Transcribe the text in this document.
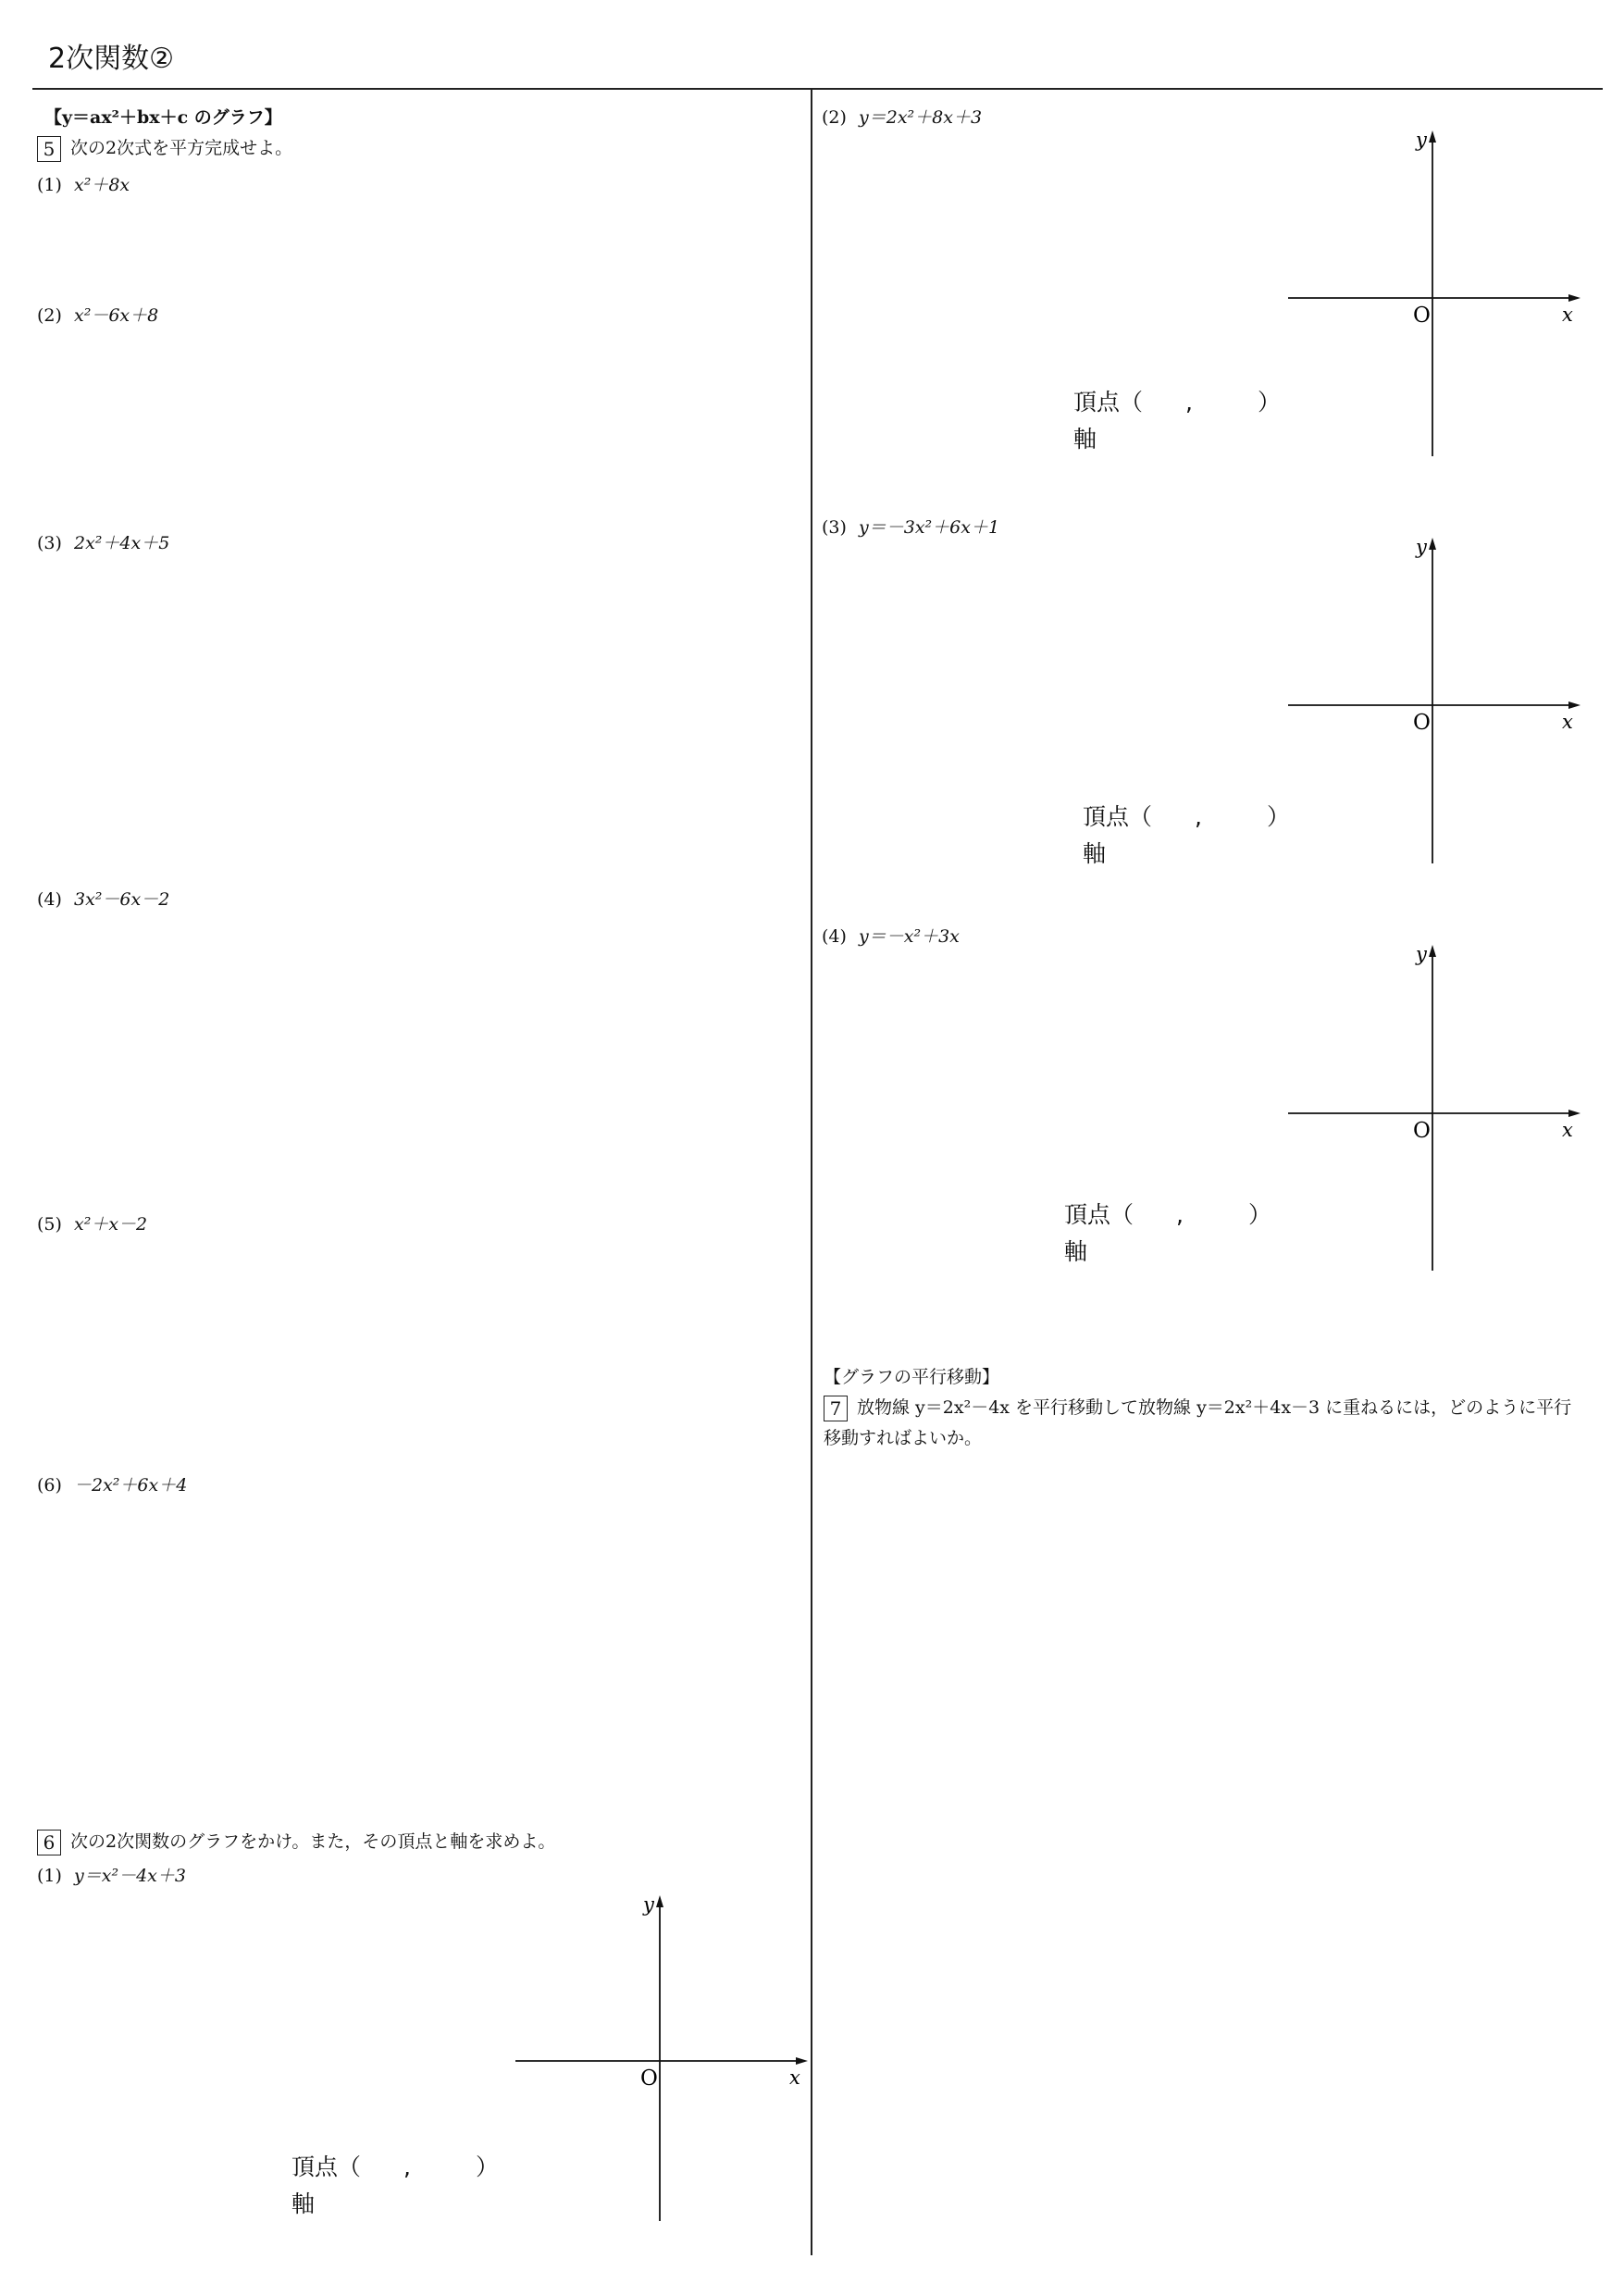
2次関数②
【y＝ax²＋bx＋c のグラフ】
5 次の2次式を平方完成せよ。
(1) x²＋8x
(2) x²－6x＋8
(3) 2x²＋4x＋5
(4) 3x²－6x－2
(5) x²＋x－2
(6) －2x²＋6x＋4
6 次の2次関数のグラフをかけ。また，その頂点と軸を求めよ。
(1) y＝x²－4x＋3
y
O	x
頂点（ ,	）
軸
(2) y＝2x²＋8x＋3
y
O	x
頂点（ ,	）
軸
(3) y＝－3x²＋6x＋1
y
O	x
頂点（ ,	）
軸
(4) y＝－x²＋3x
y
O	x
頂点（ ,	）
軸
【グラフの平行移動】
7 放物線 y＝2x²－4x を平行移動して放物線 y＝2x²＋4x－3 に重ねるには，どのように平行移動すればよいか。
